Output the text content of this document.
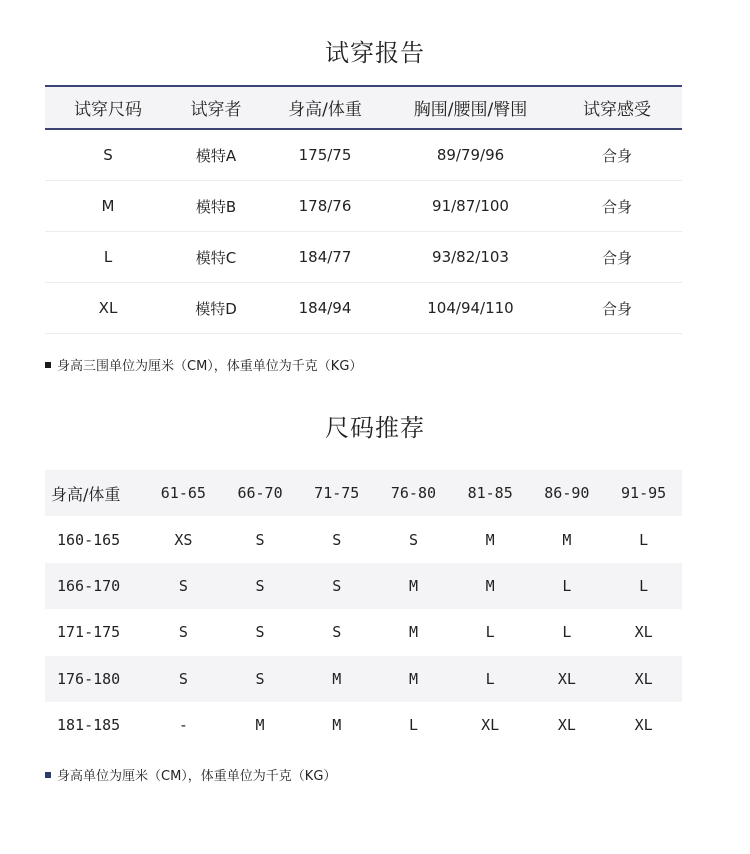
试穿报告
试穿尺码	试穿者	身高/体重	胸围/腰围/臀围	试穿感受
S	模特A	175/75	89/79/96	合身
M	模特B	178/76	91/87/100	合身
L	模特C	184/77	93/82/103	合身
XL	模特D	184/94	104/94/110	合身
身高三围单位为厘米（CM），体重单位为千克（KG）
尺码推荐
身高/体重	61-65	66-70	71-75	76-80	81-85	86-90	91-95
160-165	XS	S	S	S	M	M	L
166-170	S	S	S	M	M	L	L
171-175	S	S	S	M	L	L	XL
176-180	S	S	M	M	L	XL	XL
181-185	-	M	M	L	XL	XL	XL
身高单位为厘米（CM），体重单位为千克（KG）
